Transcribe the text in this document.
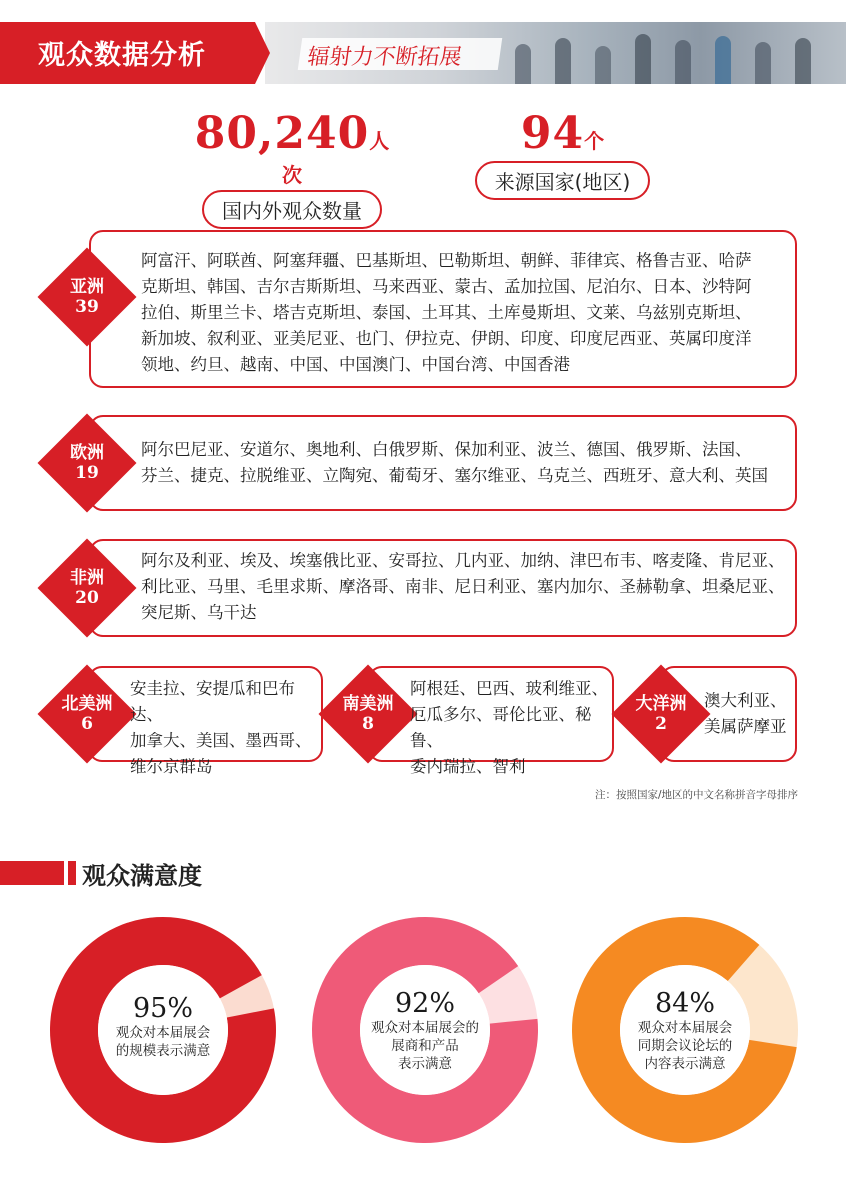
观众数据分析	辐射力不断拓展
80,240人次
国内外观众数量
94个
来源国家(地区)
亚洲
39
阿富汗、阿联酋、阿塞拜疆、巴基斯坦、巴勒斯坦、朝鲜、菲律宾、格鲁吉亚、哈萨
克斯坦、韩国、吉尔吉斯斯坦、马来西亚、蒙古、孟加拉国、尼泊尔、日本、沙特阿
拉伯、斯里兰卡、塔吉克斯坦、泰国、土耳其、土库曼斯坦、文莱、乌兹别克斯坦、
新加坡、叙利亚、亚美尼亚、也门、伊拉克、伊朗、印度、印度尼西亚、英属印度洋
领地、约旦、越南、中国、中国澳门、中国台湾、中国香港
欧洲
19
阿尔巴尼亚、安道尔、奥地利、白俄罗斯、保加利亚、波兰、德国、俄罗斯、法国、
芬兰、捷克、拉脱维亚、立陶宛、葡萄牙、塞尔维亚、乌克兰、西班牙、意大利、英国
非洲
20
阿尔及利亚、埃及、埃塞俄比亚、安哥拉、几内亚、加纳、津巴布韦、喀麦隆、肯尼亚、
利比亚、马里、毛里求斯、摩洛哥、南非、尼日利亚、塞内加尔、圣赫勒拿、坦桑尼亚、
突尼斯、乌干达
北美洲
6
安圭拉、安提瓜和巴布达、
加拿大、美国、墨西哥、
维尔京群岛
南美洲
8
阿根廷、巴西、玻利维亚、
厄瓜多尔、哥伦比亚、秘鲁、
委内瑞拉、智利
大洋洲
2
澳大利亚、
美属萨摩亚
注：按照国家/地区的中文名称拼音字母排序
观众满意度
95%
观众对本届展会
的规模表示满意
92%
观众对本届展会的
展商和产品
表示满意
84%
观众对本届展会
同期会议论坛的
内容表示满意
